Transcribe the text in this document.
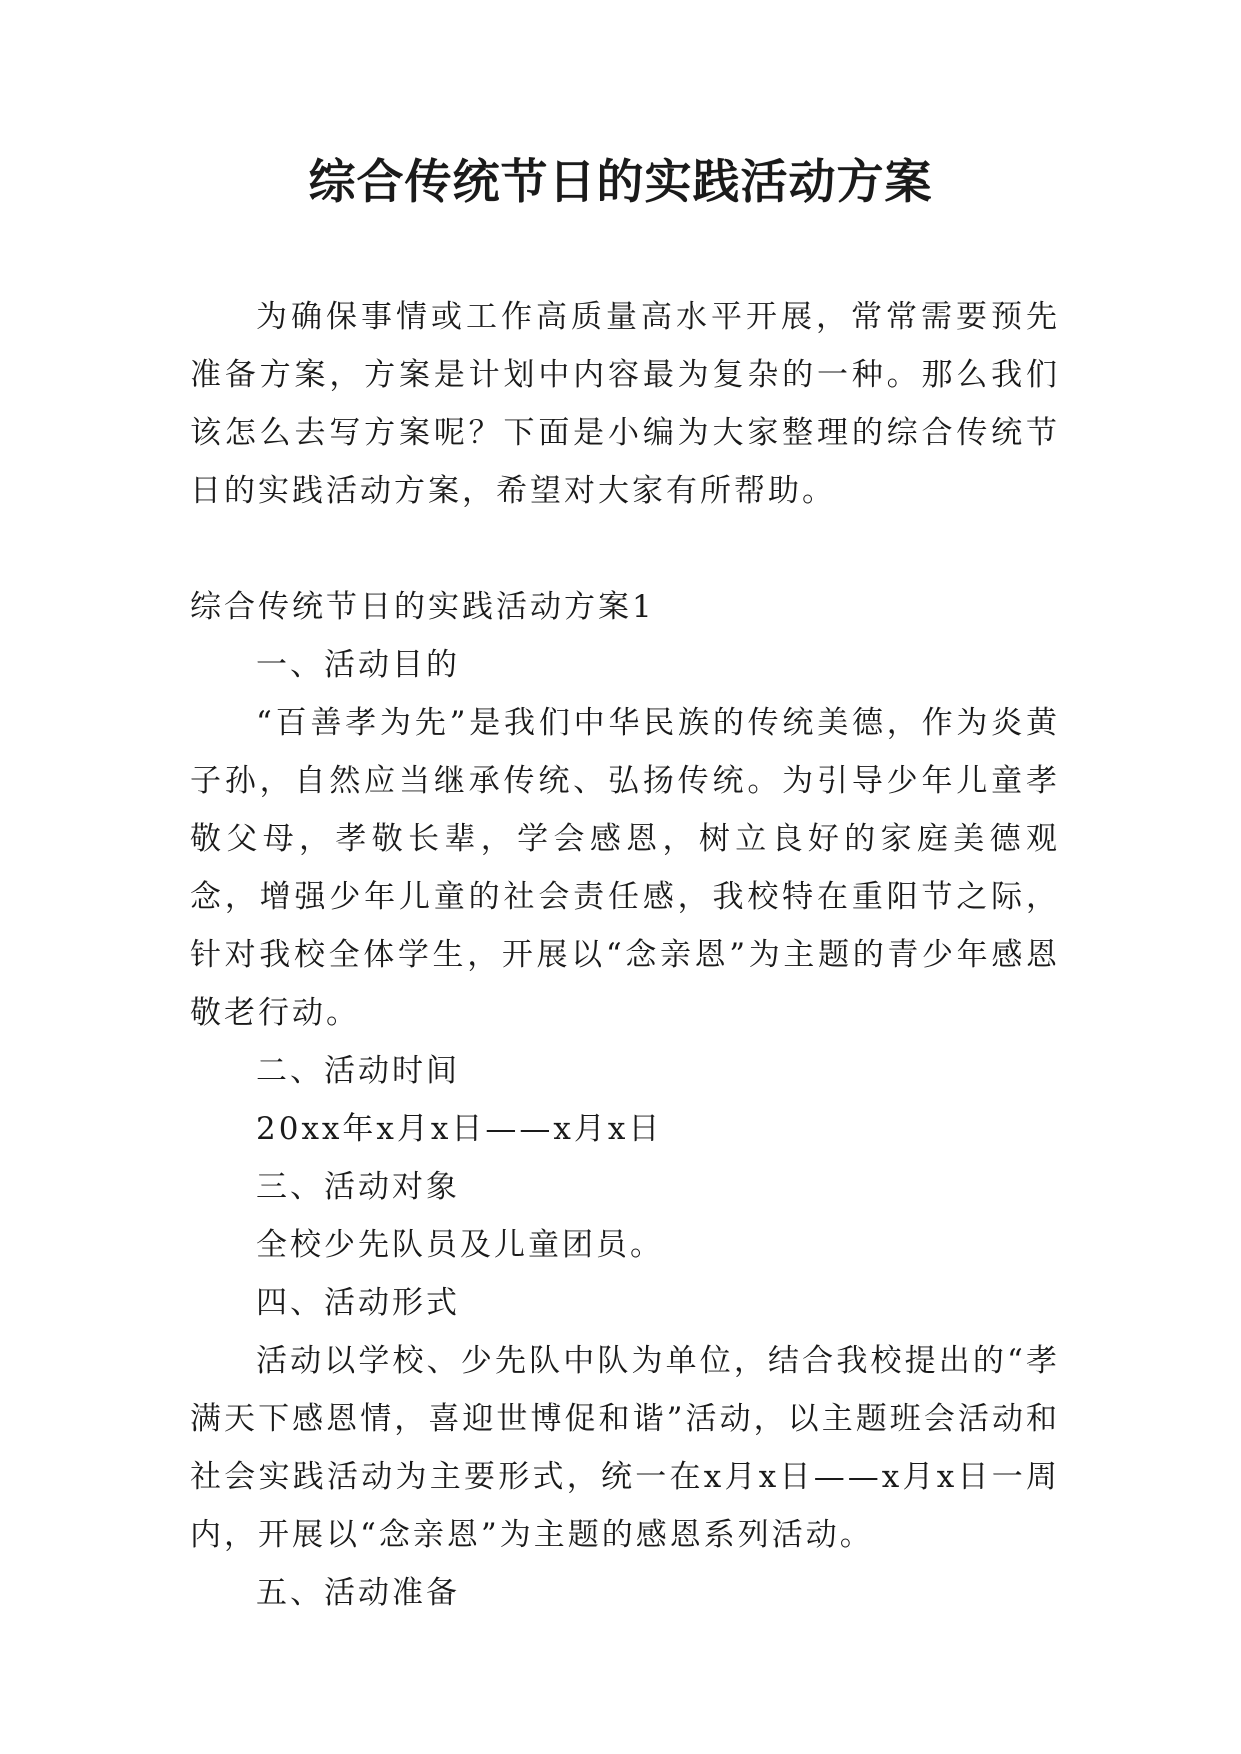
综合传统节日的实践活动方案

为确保事情或工作高质量高水平开展，常常需要预先准备方案，方案是计划中内容最为复杂的一种。那么我们该怎么去写方案呢？下面是小编为大家整理的综合传统节日的实践活动方案，希望对大家有所帮助。

综合传统节日的实践活动方案1

一、活动目的

“百善孝为先”是我们中华民族的传统美德，作为炎黄子孙，自然应当继承传统、弘扬传统。为引导少年儿童孝敬父母，孝敬长辈，学会感恩，树立良好的家庭美德观念，增强少年儿童的社会责任感，我校特在重阳节之际，针对我校全体学生，开展以“念亲恩”为主题的青少年感恩敬老行动。

二、活动时间

20xx年x月x日——x月x日

三、活动对象

全校少先队员及儿童团员。

四、活动形式

活动以学校、少先队中队为单位，结合我校提出的“孝满天下感恩情，喜迎世博促和谐”活动，以主题班会活动和社会实践活动为主要形式，统一在x月x日——x月x日一周内，开展以“念亲恩”为主题的感恩系列活动。

五、活动准备
